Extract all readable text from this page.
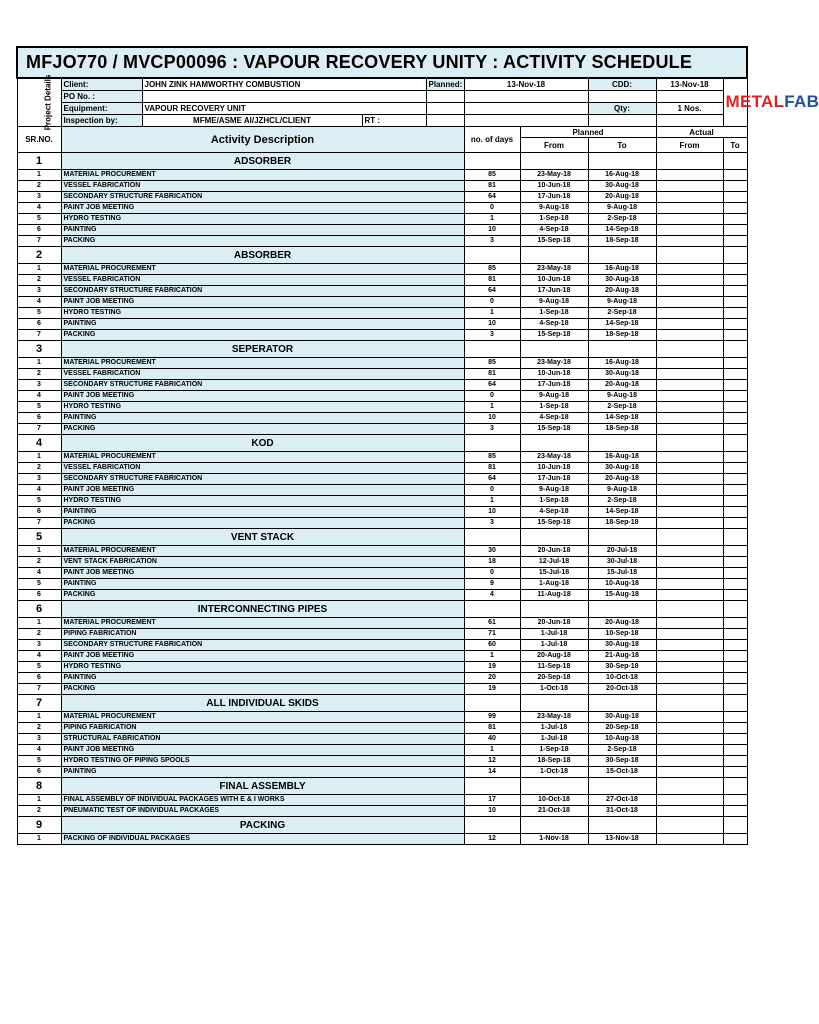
MFJO770 / MVCP00096 : VAPOUR RECOVERY UNITY : ACTIVITY SCHEDULE									
Project Details	Client:	JOHN ZINK HAMWORTHY COMBUSTION		Planned:	13-Nov-18		CDD:	13-Nov-18	METALFAB
	PO No. :								
	Equipment:	VAPOUR RECOVERY UNIT					Qty:	1 Nos.	
	Inspection by:	MFME/ASME AI/JZHCL/CLIENT	RT :						
SR.NO.	Activity Description				no. of days	Planned		Actual	
						From	To	From	To
1	ADSORBER								
1	MATERIAL PROCUREMENT				85	23-May-18	16-Aug-18		
2	VESSEL FABRICATION				81	10-Jun-18	30-Aug-18		
3	SECONDARY STRUCTURE FABRICATION				64	17-Jun-18	20-Aug-18		
4	PAINT JOB MEETING				0	9-Aug-18	9-Aug-18		
5	HYDRO TESTING				1	1-Sep-18	2-Sep-18		
6	PAINTING				10	4-Sep-18	14-Sep-18		
7	PACKING				3	15-Sep-18	18-Sep-18		
2	ABSORBER								
1	MATERIAL PROCUREMENT				85	23-May-18	16-Aug-18		
2	VESSEL FABRICATION				81	10-Jun-18	30-Aug-18		
3	SECONDARY STRUCTURE FABRICATION				64	17-Jun-18	20-Aug-18		
4	PAINT JOB MEETING				0	9-Aug-18	9-Aug-18		
5	HYDRO TESTING				1	1-Sep-18	2-Sep-18		
6	PAINTING				10	4-Sep-18	14-Sep-18		
7	PACKING				3	15-Sep-18	18-Sep-18		
3	SEPERATOR								
1	MATERIAL PROCUREMENT				85	23-May-18	16-Aug-18		
2	VESSEL FABRICATION				81	10-Jun-18	30-Aug-18		
3	SECONDARY STRUCTURE FABRICATION				64	17-Jun-18	20-Aug-18		
4	PAINT JOB MEETING				0	9-Aug-18	9-Aug-18		
5	HYDRO TESTING				1	1-Sep-18	2-Sep-18		
6	PAINTING				10	4-Sep-18	14-Sep-18		
7	PACKING				3	15-Sep-18	18-Sep-18		
4	KOD								
1	MATERIAL PROCUREMENT				85	23-May-18	16-Aug-18		
2	VESSEL FABRICATION				81	10-Jun-18	30-Aug-18		
3	SECONDARY STRUCTURE FABRICATION				64	17-Jun-18	20-Aug-18		
4	PAINT JOB MEETING				0	9-Aug-18	9-Aug-18		
5	HYDRO TESTING				1	1-Sep-18	2-Sep-18		
6	PAINTING				10	4-Sep-18	14-Sep-18		
7	PACKING				3	15-Sep-18	18-Sep-18		
5	VENT STACK								
1	MATERIAL PROCUREMENT				30	20-Jun-18	20-Jul-18		
2	VENT STACK FABRICATION				18	12-Jul-18	30-Jul-18		
4	PAINT JOB MEETING				0	15-Jul-18	15-Jul-18		
5	PAINTING				9	1-Aug-18	10-Aug-18		
6	PACKING				4	11-Aug-18	15-Aug-18		
6	INTERCONNECTING PIPES								
1	MATERIAL PROCUREMENT				61	20-Jun-18	20-Aug-18		
2	PIPING FABRICATION				71	1-Jul-18	10-Sep-18		
3	SECONDARY STRUCTURE FABRICATION				60	1-Jul-18	30-Aug-18		
4	PAINT JOB MEETING				1	20-Aug-18	21-Aug-18		
5	HYDRO TESTING				19	11-Sep-18	30-Sep-18		
6	PAINTING				20	20-Sep-18	10-Oct-18		
7	PACKING				19	1-Oct-18	20-Oct-18		
7	ALL INDIVIDUAL SKIDS								
1	MATERIAL PROCUREMENT				99	23-May-18	30-Aug-18		
2	PIPING FABRICATION				81	1-Jul-18	20-Sep-18		
3	STRUCTURAL FABRICATION				40	1-Jul-18	10-Aug-18		
4	PAINT JOB MEETING				1	1-Sep-18	2-Sep-18		
5	HYDRO TESTING OF PIPING SPOOLS				12	18-Sep-18	30-Sep-18		
6	PAINTING				14	1-Oct-18	15-Oct-18		
8	FINAL ASSEMBLY								
1	FINAL ASSEMBLY OF INDIVIDUAL PACKAGES WITH E & I WORKS				17	10-Oct-18	27-Oct-18		
2	PNEUMATIC TEST OF INDIVIDUAL PACKAGES				10	21-Oct-18	31-Oct-18		
9	PACKING								
1	PACKING OF INDIVIDUAL PACKAGES				12	1-Nov-18	13-Nov-18		
